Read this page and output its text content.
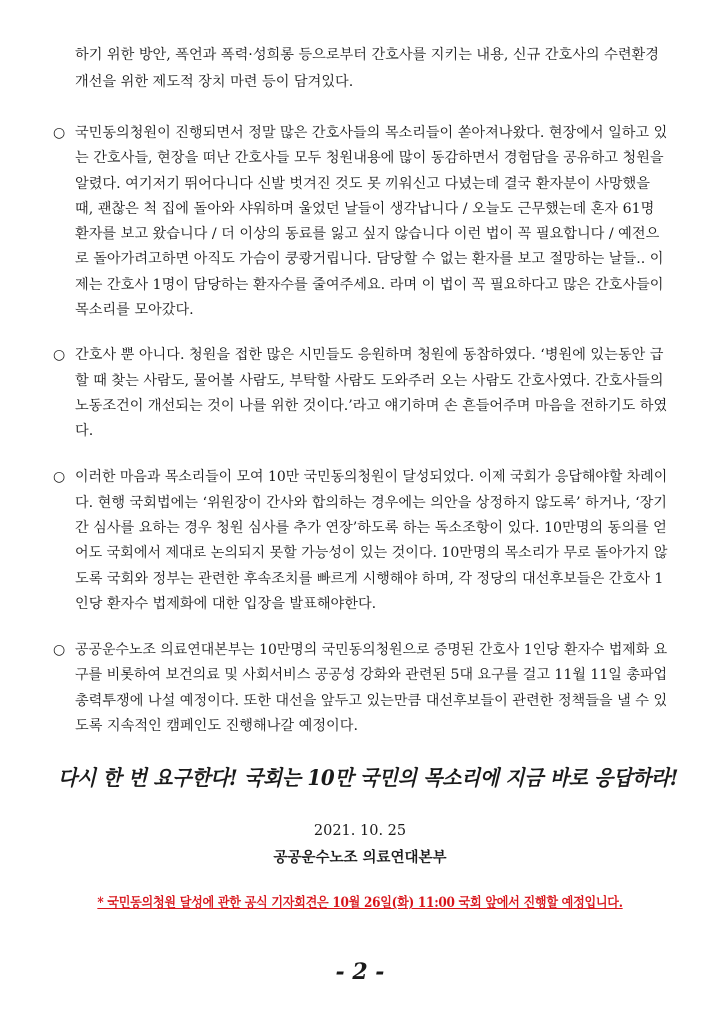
하기 위한 방안, 폭언과 폭력·성희롱 등으로부터 간호사를 지키는 내용, 신규 간호사의 수련환경
개선을 위한 제도적 장치 마련 등이 담겨있다.
○ 국민동의청원이 진행되면서 정말 많은 간호사들의 목소리들이 쏟아져나왔다. 현장에서 일하고 있
는 간호사들, 현장을 떠난 간호사들 모두 청원내용에 많이 동감하면서 경험담을 공유하고 청원을
알렸다. 여기저기 뛰어다니다 신발 벗겨진 것도 못 끼워신고 다녔는데 결국 환자분이 사망했을
때, 괜찮은 척 집에 돌아와 샤워하며 울었던 날들이 생각납니다 / 오늘도 근무했는데 혼자 61명
환자를 보고 왔습니다 / 더 이상의 동료를 잃고 싶지 않습니다 이런 법이 꼭 필요합니다 / 예전으
로 돌아가려고하면 아직도 가슴이 쿵쾅거립니다. 담당할 수 없는 환자를 보고 절망하는 날들.. 이
제는 간호사 1명이 담당하는 환자수를 줄여주세요. 라며 이 법이 꼭 필요하다고 많은 간호사들이
목소리를 모아갔다.
○ 간호사 뿐 아니다. 청원을 접한 많은 시민들도 응원하며 청원에 동참하였다. ‘병원에 있는동안 급
할 때 찾는 사람도, 물어볼 사람도, 부탁할 사람도 도와주러 오는 사람도 간호사였다. 간호사들의
노동조건이 개선되는 것이 나를 위한 것이다.’라고 얘기하며 손 흔들어주며 마음을 전하기도 하였
다.
○ 이러한 마음과 목소리들이 모여 10만 국민동의청원이 달성되었다. 이제 국회가 응답해야할 차례이
다. 현행 국회법에는 ‘위원장이 간사와 합의하는 경우에는 의안을 상정하지 않도록’ 하거나, ‘장기
간 심사를 요하는 경우 청원 심사를 추가 연장’하도록 하는 독소조항이 있다. 10만명의 동의를 얻
어도 국회에서 제대로 논의되지 못할 가능성이 있는 것이다. 10만명의 목소리가 무로 돌아가지 않
도록 국회와 정부는 관련한 후속조치를 빠르게 시행해야 하며, 각 정당의 대선후보들은 간호사 1
인당 환자수 법제화에 대한 입장을 발표해야한다.
○ 공공운수노조 의료연대본부는 10만명의 국민동의청원으로 증명된 간호사 1인당 환자수 법제화 요
구를 비롯하여 보건의료 및 사회서비스 공공성 강화와 관련된 5대 요구를 걸고 11월 11일 총파업
총력투쟁에 나설 예정이다. 또한 대선을 앞두고 있는만큼 대선후보들이 관련한 정책들을 낼 수 있
도록 지속적인 캠페인도 진행해나갈 예정이다.
다시 한 번 요구한다! 국회는 10만 국민의 목소리에 지금 바로 응답하라!
2021. 10. 25
공공운수노조 의료연대본부
* 국민동의청원 달성에 관한 공식 기자회견은 10월 26일(화) 11:00 국회 앞에서 진행할 예정입니다.
- 2 -
